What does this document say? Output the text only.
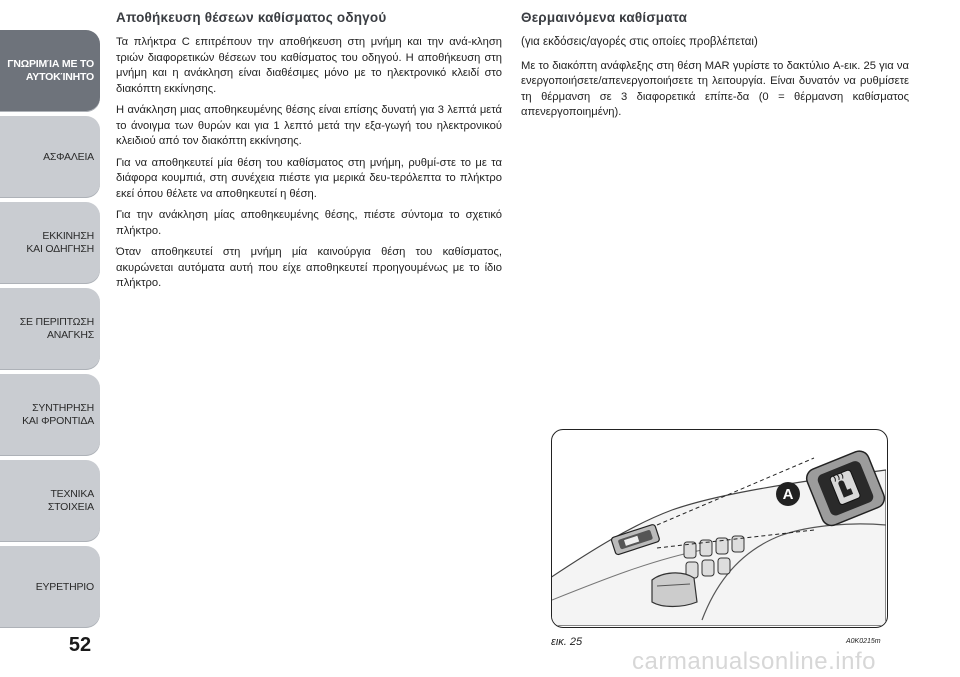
ΓΝΩΡΙΜΊΑ ΜΕ ΤΟ
ΑΥΤΟΚΊΝΗΤΟ
ΑΣΦΑΛΕΙΑ
ΕΚΚΙΝΗΣΗ
ΚΑΙ ΟΔΗΓΗΣΗ
ΣΕ ΠΕΡΙΠΤΩΣΗ
ΑΝΑΓΚΗΣ
ΣΥΝΤΗΡΗΣΗ
ΚΑΙ ΦΡΟΝΤΙΔΑ
ΤΕΧΝΙΚΑ
ΣΤΟΙΧΕΙΑ
ΕΥΡΕΤΗΡΙΟ
52
Αποθήκευση θέσεων καθίσματος οδηγού

Τα πλήκτρα C επιτρέπουν την αποθήκευση στη μνήμη και την ανά-κληση τριών διαφορετικών θέσεων του καθίσματος του οδηγού. Η αποθήκευση στη μνήμη και η ανάκληση είναι διαθέσιμες μόνο με το ηλεκτρονικό κλειδί στο διακόπτη εκκίνησης.

Η ανάκληση μιας αποθηκευμένης θέσης είναι επίσης δυνατή για 3 λεπτά μετά το άνοιγμα των θυρών και για 1 λεπτό μετά την εξα-γωγή του ηλεκτρονικού κλειδιού από τον διακόπτη εκκίνησης.

Για να αποθηκευτεί μία θέση του καθίσματος στη μνήμη, ρυθμί-στε το με τα διάφορα κουμπιά, στη συνέχεια πιέστε για μερικά δευ-τερόλεπτα το πλήκτρο εκεί όπου θέλετε να αποθηκευτεί η θέση.

Για την ανάκληση μίας αποθηκευμένης θέσης, πιέστε σύντομα το σχετικό πλήκτρο.

Όταν αποθηκευτεί στη μνήμη μία καινούργια θέση του καθίσματος, ακυρώνεται αυτόματα αυτή που είχε αποθηκευτεί προηγουμένως με το ίδιο πλήκτρο.

Θερμαινόμενα καθίσματα

(για εκδόσεις/αγορές στις οποίες προβλέπεται)

Με το διακόπτη ανάφλεξης στη θέση MAR γυρίστε το δακτύλιο A-εικ. 25 για να ενεργοποιήσετε/απενεργοποιήσετε τη λειτουργία. Είναι δυνατόν να ρυθμίσετε τη θέρμανση σε 3 διαφορετικά επίπε-δα (0 = θέρμανση καθίσματος απενεργοποιημένη).

A
εικ. 25	A0K0215m
carmanualsonline.info
